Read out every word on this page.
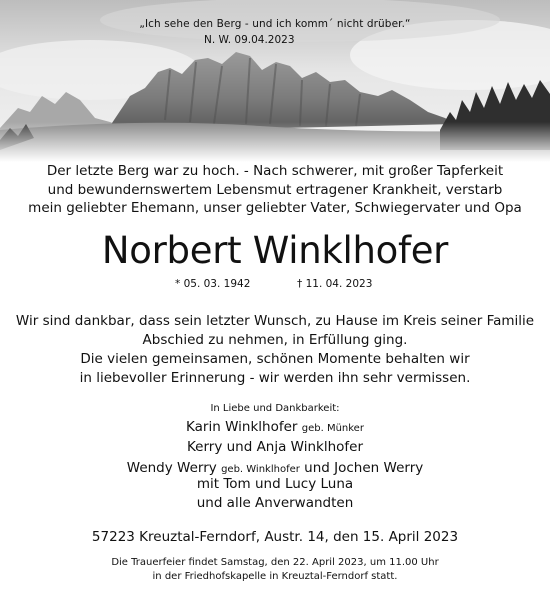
„Ich sehe den Berg - und ich komm´ nicht drüber.“
N. W. 09.04.2023
Der letzte Berg war zu hoch. - Nach schwerer, mit großer Tapferkeit
und bewundernswertem Lebensmut ertragener Krankheit, verstarb
mein geliebter Ehemann, unser geliebter Vater, Schwiegervater und Opa
Norbert Winklhofer
* 05. 03. 1942	† 11. 04. 2023
Wir sind dankbar, dass sein letzter Wunsch, zu Hause im Kreis seiner Familie
Abschied zu nehmen, in Erfüllung ging.
Die vielen gemeinsamen, schönen Momente behalten wir
in liebevoller Erinnerung - wir werden ihn sehr vermissen.
In Liebe und Dankbarkeit:
Karin Winklhofer geb. Münker
Kerry und Anja Winklhofer
Wendy Werry geb. Winklhofer und Jochen Werry
mit Tom und Lucy Luna
und alle Anverwandten
57223 Kreuztal-Ferndorf, Austr. 14, den 15. April 2023
Die Trauerfeier findet Samstag, den 22. April 2023, um 11.00 Uhr
in der Friedhofskapelle in Kreuztal-Ferndorf statt.
